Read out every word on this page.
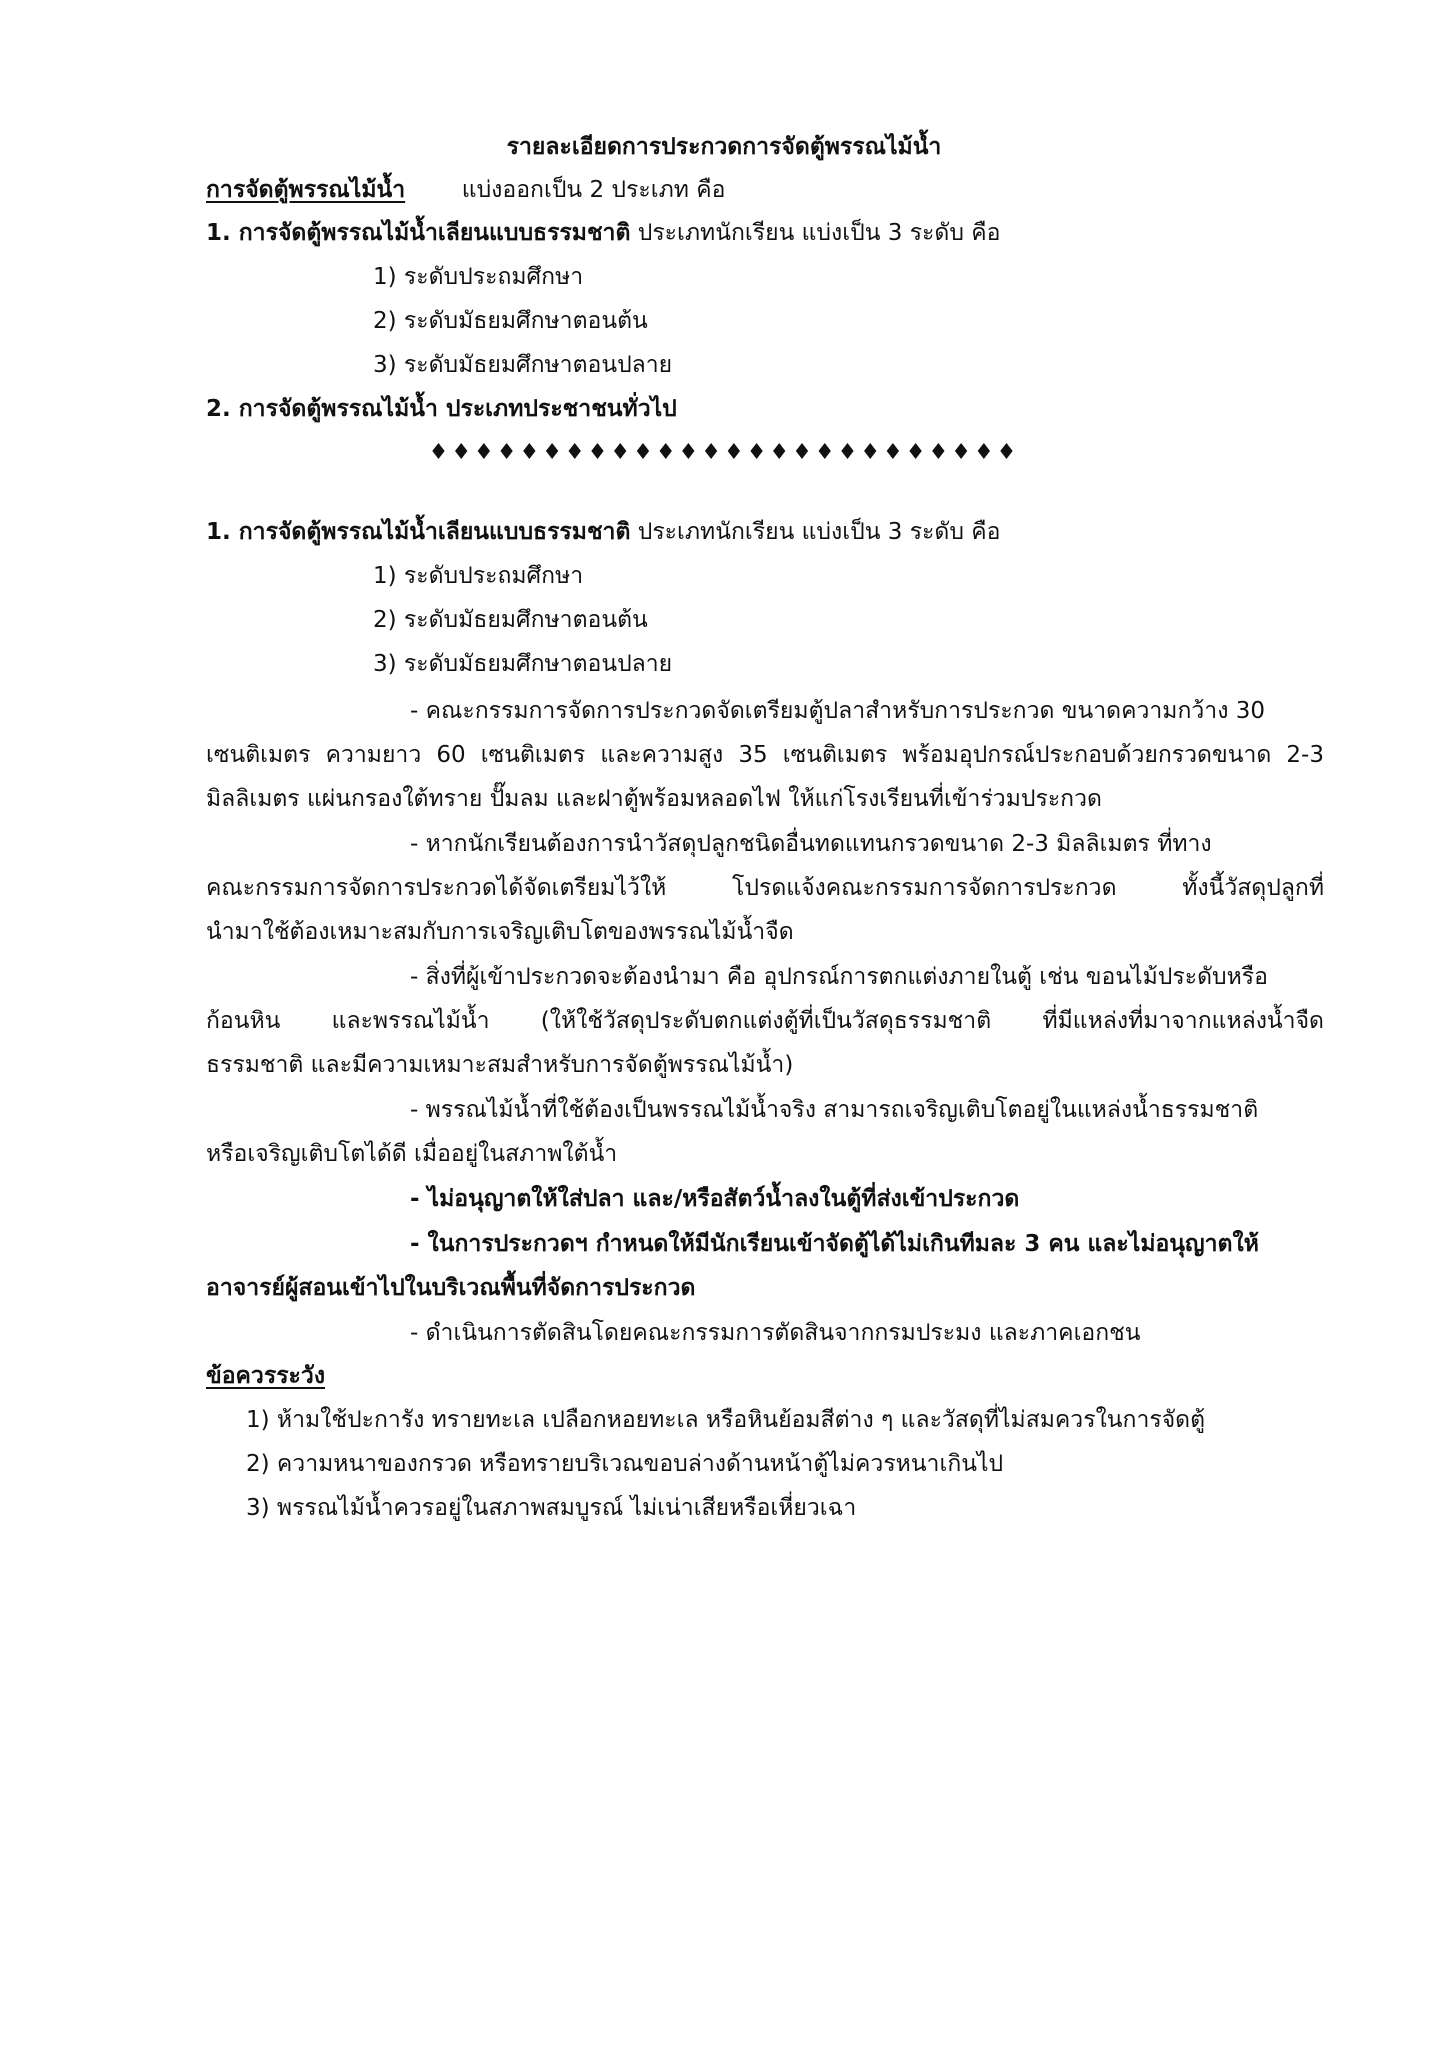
รายละเอียดการประกวดการจัดตู้พรรณไม้น้ำ
การจัดตู้พรรณไม้น้ำ แบ่งออกเป็น 2 ประเภท คือ
1. การจัดตู้พรรณไม้น้ำเลียนแบบธรรมชาติ ประเภทนักเรียน แบ่งเป็น 3 ระดับ คือ
1) ระดับประถมศึกษา
2) ระดับมัธยมศึกษาตอนต้น
3) ระดับมัธยมศึกษาตอนปลาย
2. การจัดตู้พรรณไม้น้ำ ประเภทประชาชนทั่วไป
♦♦♦♦♦♦♦♦♦♦♦♦♦♦♦♦♦♦♦♦♦♦♦♦♦♦
1. การจัดตู้พรรณไม้น้ำเลียนแบบธรรมชาติ ประเภทนักเรียน แบ่งเป็น 3 ระดับ คือ
1) ระดับประถมศึกษา
2) ระดับมัธยมศึกษาตอนต้น
3) ระดับมัธยมศึกษาตอนปลาย
- คณะกรรมการจัดการประกวดจัดเตรียมตู้ปลาสำหรับการประกวด ขนาดความกว้าง 30
เซนติเมตร ความยาว 60 เซนติเมตร และความสูง 35 เซนติเมตร พร้อมอุปกรณ์ประกอบด้วยกรวดขนาด 2-3
มิลลิเมตร แผ่นกรองใต้ทราย ปั๊มลม และฝาตู้พร้อมหลอดไฟ ให้แก่โรงเรียนที่เข้าร่วมประกวด
- หากนักเรียนต้องการนำวัสดุปลูกชนิดอื่นทดแทนกรวดขนาด 2-3 มิลลิเมตร ที่ทาง
คณะกรรมการจัดการประกวดได้จัดเตรียมไว้ให้ โปรดแจ้งคณะกรรมการจัดการประกวด ทั้งนี้วัสดุปลูกที่
นำมาใช้ต้องเหมาะสมกับการเจริญเติบโตของพรรณไม้น้ำจืด
- สิ่งที่ผู้เข้าประกวดจะต้องนำมา คือ อุปกรณ์การตกแต่งภายในตู้ เช่น ขอนไม้ประดับหรือ
ก้อนหิน และพรรณไม้น้ำ (ให้ใช้วัสดุประดับตกแต่งตู้ที่เป็นวัสดุธรรมชาติ ที่มีแหล่งที่มาจากแหล่งน้ำจืด
ธรรมชาติ และมีความเหมาะสมสำหรับการจัดตู้พรรณไม้น้ำ)
- พรรณไม้น้ำที่ใช้ต้องเป็นพรรณไม้น้ำจริง สามารถเจริญเติบโตอยู่ในแหล่งน้ำธรรมชาติ
หรือเจริญเติบโตได้ดี เมื่ออยู่ในสภาพใต้น้ำ
- ไม่อนุญาตให้ใส่ปลา และ/หรือสัตว์น้ำลงในตู้ที่ส่งเข้าประกวด
- ในการประกวดฯ กำหนดให้มีนักเรียนเข้าจัดตู้ได้ไม่เกินทีมละ 3 คน และไม่อนุญาตให้
อาจารย์ผู้สอนเข้าไปในบริเวณพื้นที่จัดการประกวด
- ดำเนินการตัดสินโดยคณะกรรมการตัดสินจากกรมประมง และภาคเอกชน
ข้อควรระวัง
1) ห้ามใช้ปะการัง ทรายทะเล เปลือกหอยทะเล หรือหินย้อมสีต่าง ๆ และวัสดุที่ไม่สมควรในการจัดตู้
2) ความหนาของกรวด หรือทรายบริเวณขอบล่างด้านหน้าตู้ไม่ควรหนาเกินไป
3) พรรณไม้น้ำควรอยู่ในสภาพสมบูรณ์ ไม่เน่าเสียหรือเหี่ยวเฉา
